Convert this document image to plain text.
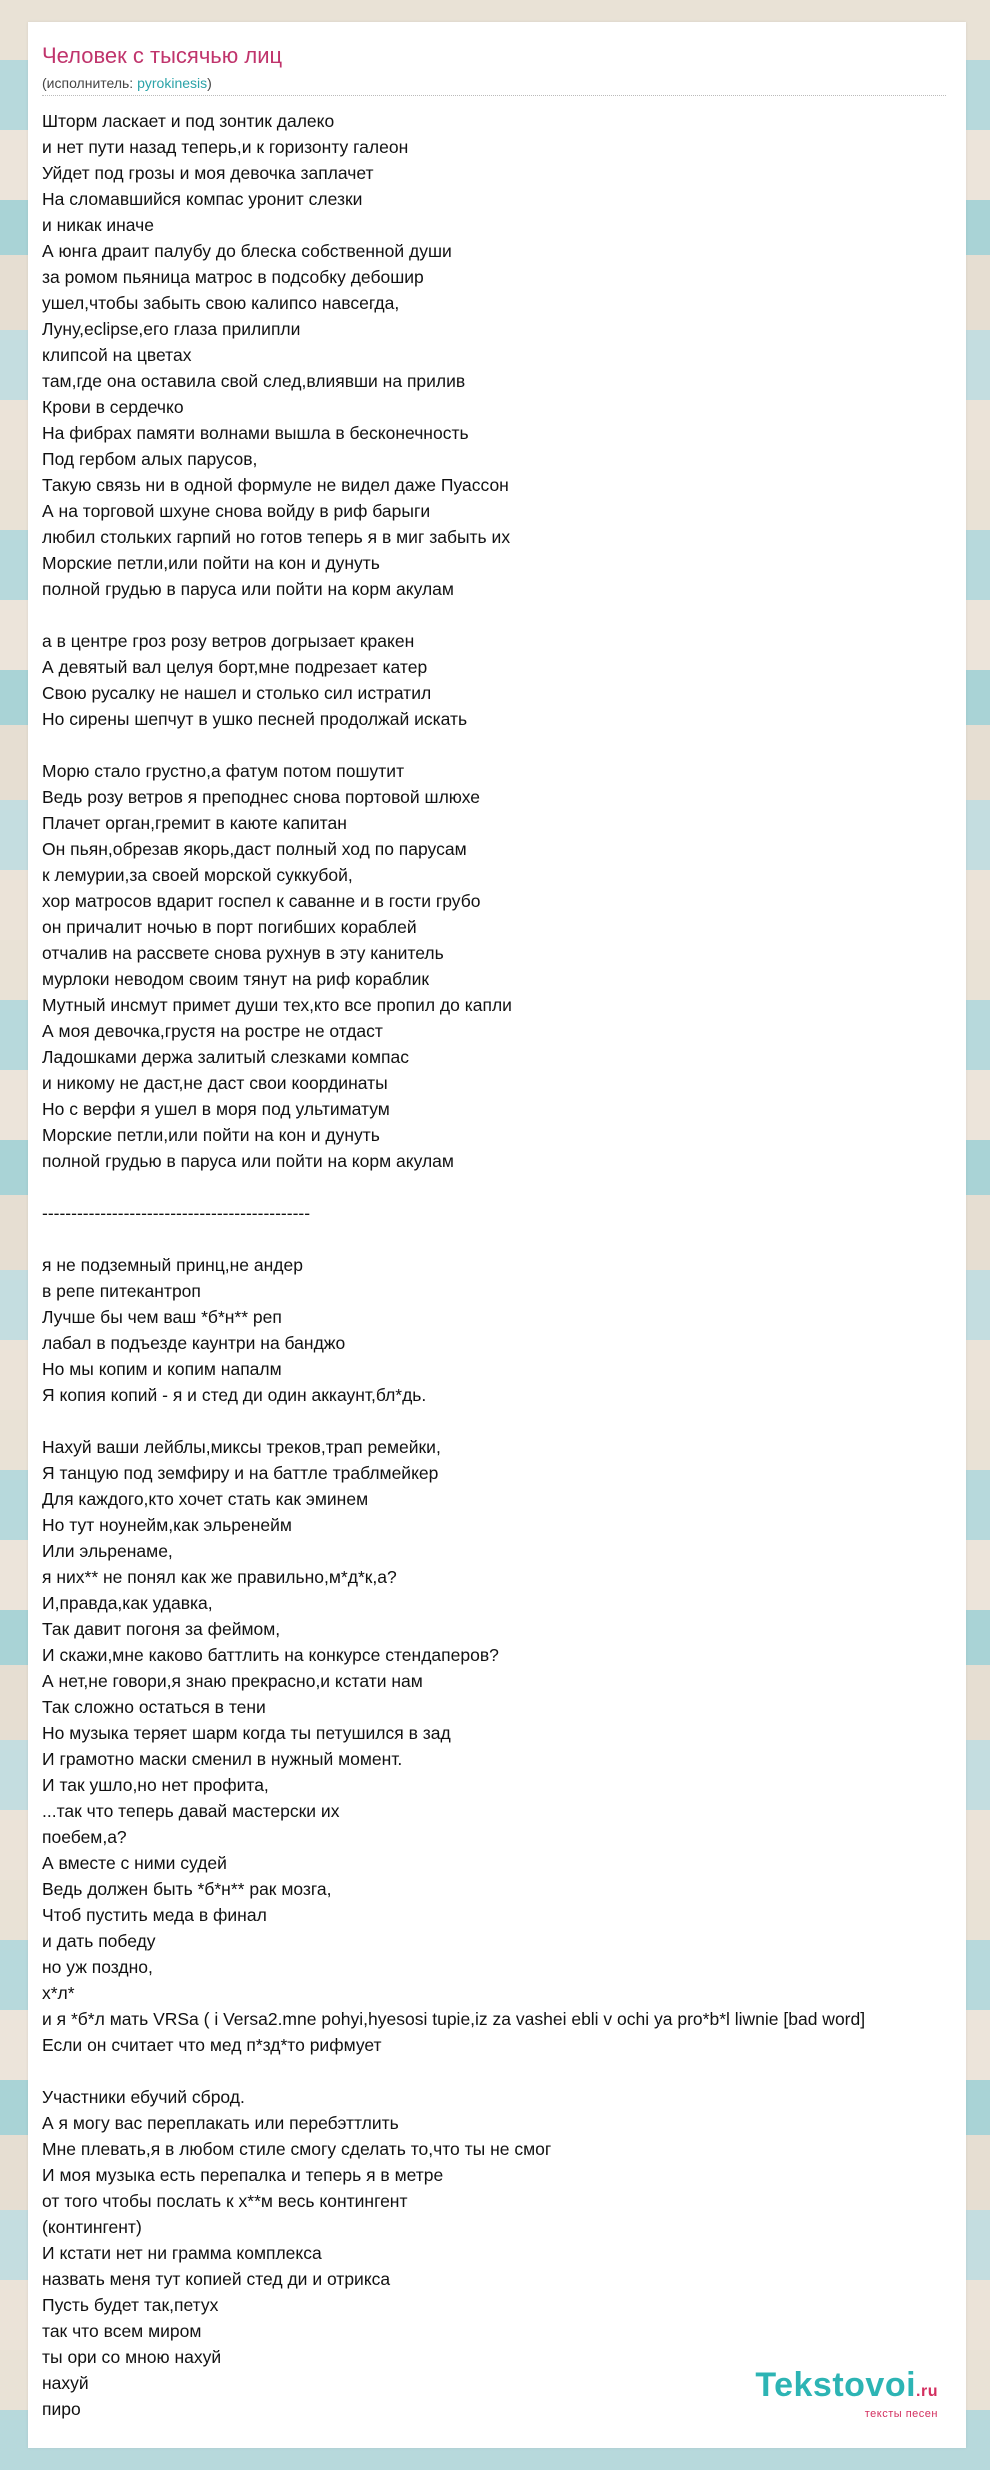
Человек с тысячью лиц
(исполнитель: pyrokinesis)
Шторм ласкает и под зонтик далеко
и нет пути назад теперь,и к горизонту галеон
Уйдет под грозы и моя девочка заплачет
На сломавшийся компас уронит слезки
и никак иначе
А юнга драит палубу до блеска собственной души
за ромом пьяница матрос в подсобку дебошир
ушел,чтобы забыть свою калипсо навсегда,
Луну,eclipse,его глаза прилипли
клипсой на цветах
там,где она оставила свой след,влиявши на прилив
Крови в сердечко
На фибрах памяти волнами вышла в бесконечность
Под гербом алых парусов,
Такую связь ни в одной формуле не видел даже Пуассон
А на торговой шхуне снова войду в риф барыги
любил стольких гарпий но готов теперь я в миг забыть их
Морские петли,или пойти на кон и дунуть
полной грудью в паруса или пойти на корм акулам
а в центре гроз розу ветров догрызает кракен
А девятый вал целуя борт,мне подрезает катер
Свою русалку не нашел и столько сил истратил
Но сирены шепчут в ушко песней продолжай искать
Морю стало грустно,а фатум потом пошутит
Ведь розу ветров я преподнес снова портовой шлюхе
Плачет орган,гремит в каюте капитан
Он пьян,обрезав якорь,даст полный ход по парусам
к лемурии,за своей морской суккубой,
хор матросов вдарит госпел к саванне и в гости грубо
он причалит ночью в порт погибших кораблей
отчалив на рассвете снова рухнув в эту канитель
мурлоки неводом своим тянут на риф кораблик
Мутный инсмут примет души тех,кто все пропил до капли
А моя девочка,грустя на ростре не отдаст
Ладошками держа залитый слезками компас
и никому не даст,не даст свои координаты
Но с верфи я ушел в моря под ультиматум
Морские петли,или пойти на кон и дунуть
полной грудью в паруса или пойти на корм акулам
----------------------------------------------
я не подземный принц,не андер
в репе питекантроп
Лучше бы чем ваш *б*н** реп
лабал в подъезде каунтри на банджо
Но мы копим и копим напалм
Я копия копий - я и стед ди один аккаунт,бл*дь.
Нахуй ваши лейблы,миксы треков,трап ремейки,
Я танцую под земфиру и на баттле траблмейкер
Для каждого,кто хочет стать как эминем
Но тут ноунейм,как эльренейм
Или эльренаме,
я них** не понял как же правильно,м*д*к,а?
И,правда,как удавка,
Так давит погоня за феймом,
И скажи,мне каково баттлить на конкурсе стендаперов?
А нет,не говори,я знаю прекрасно,и кстати нам
Так сложно остаться в тени
Но музыка теряет шарм когда ты петушился в зад
И грамотно маски сменил в нужный момент.
И так ушло,но нет профита,
...так что теперь давай мастерски их
поебем,а?
А вместе с ними судей
Ведь должен быть *б*н** рак мозга,
Чтоб пустить меда в финал
и дать победу
но уж поздно,
х*л*
и я *б*л мать VRSa ( i Versa2.mne pohyi,hyesosi tupie,iz za vashei ebli v ochi ya pro*b*l liwnie [bad word]
Если он считает что мед п*зд*то рифмует
Участники ебучий сброд.
А я могу вас переплакать или перебэттлить
Мне плевать,я в любом стиле смогу сделать то,что ты не смог
И моя музыка есть перепалка и теперь я в метре
от того чтобы послать к х**м весь контингент
(контингент)
И кстати нет ни грамма комплекса
назвать меня тут копией стед ди и отрикса
Пусть будет так,петух
так что всем миром
ты ори со мною нахуй
нахуй
пиро
Tekstovoi.ru
тексты песен
